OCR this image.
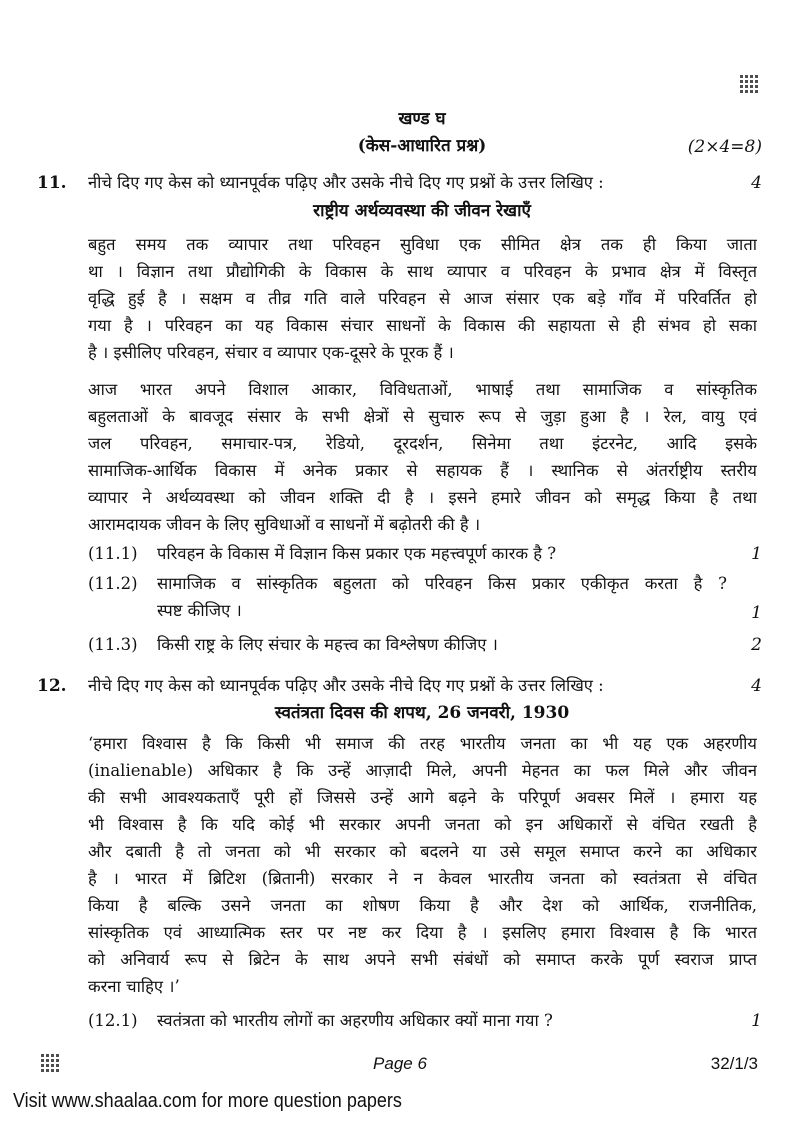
खण्ड घ
(केस-आधारित प्रश्न)	(2×4=8)
11.	नीचे दिए गए केस को ध्यानपूर्वक पढ़िए और उसके नीचे दिए गए प्रश्नों के उत्तर लिखिए :	4
राष्ट्रीय अर्थव्यवस्था की जीवन रेखाएँ
बहुत समय तक व्यापार तथा परिवहन सुविधा एक सीमित क्षेत्र तक ही किया जाता
था । विज्ञान तथा प्रौद्योगिकी के विकास के साथ व्यापार व परिवहन के प्रभाव क्षेत्र में विस्तृत
वृद्धि हुई है । सक्षम व तीव्र गति वाले परिवहन से आज संसार एक बड़े गाँव में परिवर्तित हो
गया है । परिवहन का यह विकास संचार साधनों के विकास की सहायता से ही संभव हो सका
है । इसीलिए परिवहन, संचार व व्यापार एक-दूसरे के पूरक हैं ।
आज भारत अपने विशाल आकार, विविधताओं, भाषाई तथा सामाजिक व सांस्कृतिक
बहुलताओं के बावजूद संसार के सभी क्षेत्रों से सुचारु रूप से जुड़ा हुआ है । रेल, वायु एवं
जल परिवहन, समाचार-पत्र, रेडियो, दूरदर्शन, सिनेमा तथा इंटरनेट, आदि इसके
सामाजिक-आर्थिक विकास में अनेक प्रकार से सहायक हैं । स्थानिक से अंतर्राष्ट्रीय स्तरीय
व्यापार ने अर्थव्यवस्था को जीवन शक्ति दी है । इसने हमारे जीवन को समृद्ध किया है तथा
आरामदायक जीवन के लिए सुविधाओं व साधनों में बढ़ोतरी की है ।
(11.1)	परिवहन के विकास में विज्ञान किस प्रकार एक महत्त्वपूर्ण कारक है ?	1
(11.2)	सामाजिक व सांस्कृतिक बहुलता को परिवहन किस प्रकार एकीकृत करता है ?
स्पष्ट कीजिए ।	1
(11.3)	किसी राष्ट्र के लिए संचार के महत्त्व का विश्लेषण कीजिए ।	2
12.	नीचे दिए गए केस को ध्यानपूर्वक पढ़िए और उसके नीचे दिए गए प्रश्नों के उत्तर लिखिए :	4
स्वतंत्रता दिवस की शपथ, 26 जनवरी, 1930
‘हमारा विश्वास है कि किसी भी समाज की तरह भारतीय जनता का भी यह एक अहरणीय
(inalienable) अधिकार है कि उन्हें आज़ादी मिले, अपनी मेहनत का फल मिले और जीवन
की सभी आवश्यकताएँ पूरी हों जिससे उन्हें आगे बढ़ने के परिपूर्ण अवसर मिलें । हमारा यह
भी विश्वास है कि यदि कोई भी सरकार अपनी जनता को इन अधिकारों से वंचित रखती है
और दबाती है तो जनता को भी सरकार को बदलने या उसे समूल समाप्त करने का अधिकार
है । भारत में ब्रिटिश (ब्रितानी) सरकार ने न केवल भारतीय जनता को स्वतंत्रता से वंचित
किया है बल्कि उसने जनता का शोषण किया है और देश को आर्थिक, राजनीतिक,
सांस्कृतिक एवं आध्यात्मिक स्तर पर नष्ट कर दिया है । इसलिए हमारा विश्वास है कि भारत
को अनिवार्य रूप से ब्रिटेन के साथ अपने सभी संबंधों को समाप्त करके पूर्ण स्वराज प्राप्त
करना चाहिए ।’
(12.1)	स्वतंत्रता को भारतीय लोगों का अहरणीय अधिकार क्यों माना गया ?	1
Page 6	32/1/3
Visit www.shaalaa.com for more question papers
